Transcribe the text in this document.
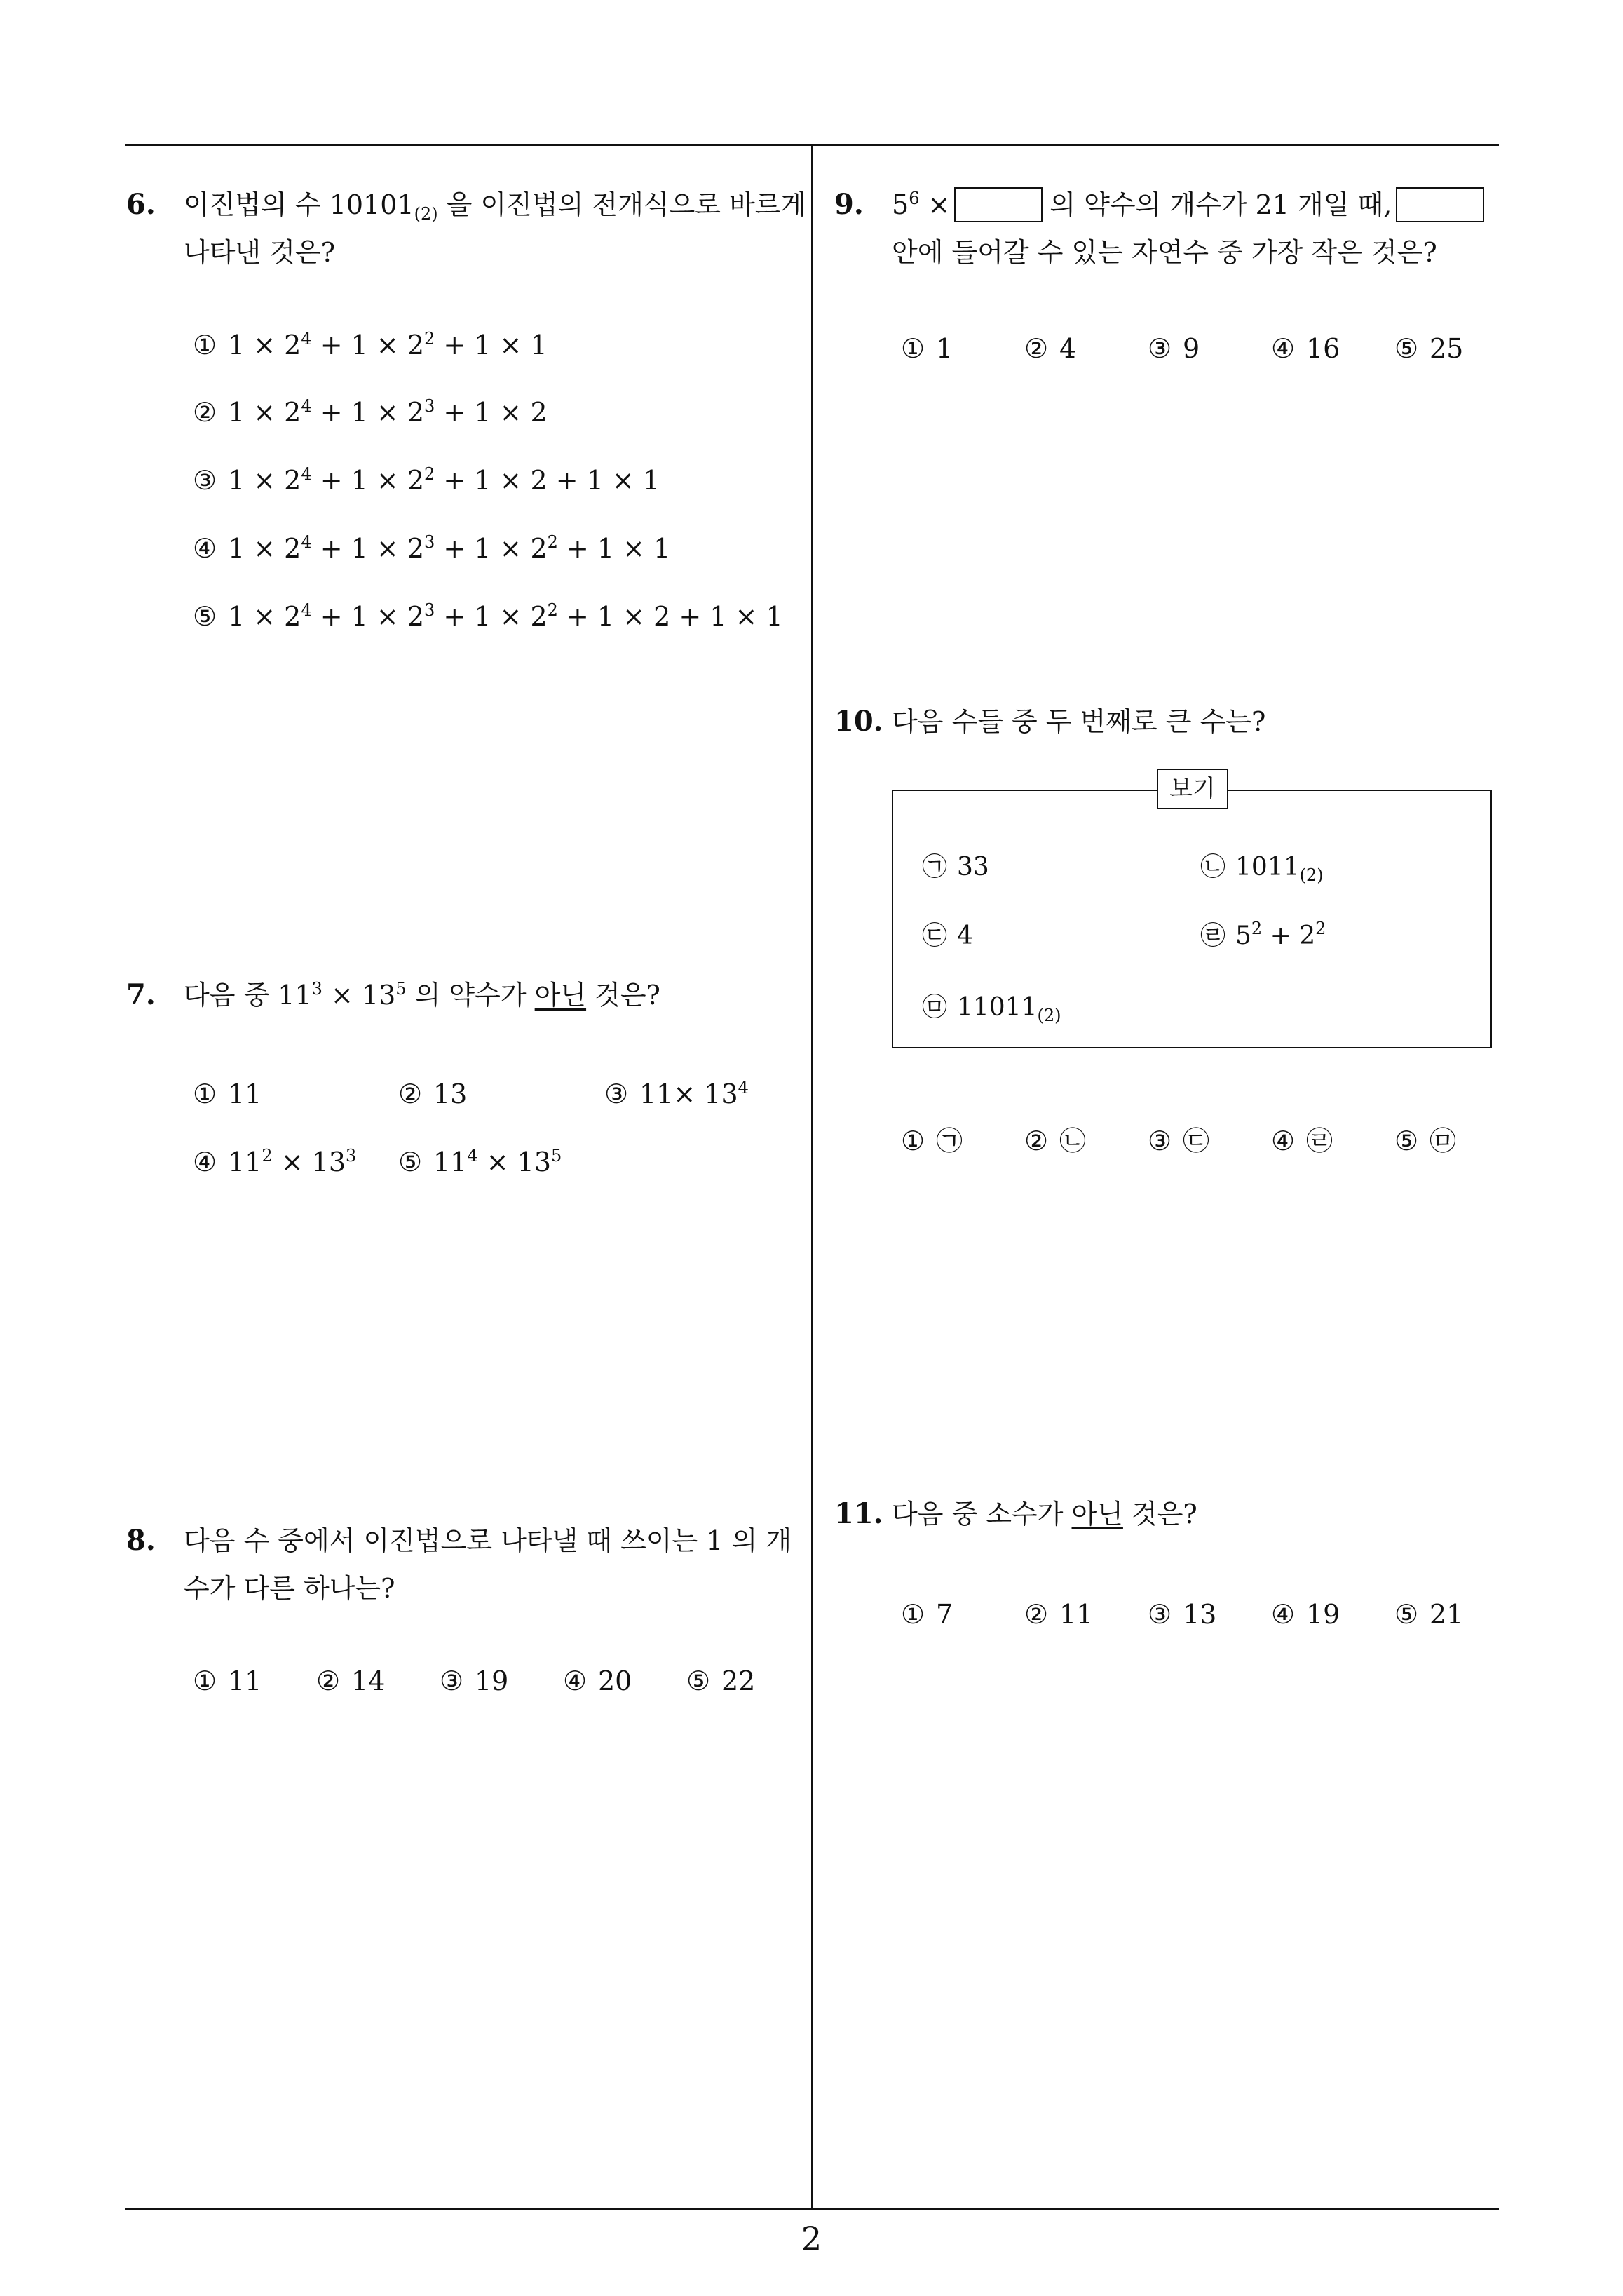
6. 이진법의 수 $10101_{(2)}$ 을 이진법의 전개식으로 바르게
나타낸 것은?
① $1 \times 2^4 + 1 \times 2^2 + 1 \times 1$
② $1 \times 2^4 + 1 \times 2^3 + 1 \times 2$
③ $1 \times 2^4 + 1 \times 2^2 + 1 \times 2 + 1 \times 1$
④ $1 \times 2^4 + 1 \times 2^3 + 1 \times 2^2 + 1 \times 1$
⑤ $1 \times 2^4 + 1 \times 2^3 + 1 \times 2^2 + 1 \times 2 + 1 \times 1$
7. 다음 중 $11^3 \times 13^5$ 의 약수가 아닌 것은?
① 11	② 13	③ $11\times 13^4$
④ $11^2 \times 13^3$ ⑤ $11^4 \times 13^5$
8. 다음 수 중에서 이진법으로 나타낼 때 쓰이는 1 의 개
수가 다른 하나는?
① 11 ② 14 ③ 19 ④ 20 ⑤ 22
9. $5^6$ ×	의 약수의 개수가 21 개일 때,
안에 들어갈 수 있는 자연수 중 가장 작은 것은?
① 1	② 4	③ 9	④ 16 ⑤ 25
10. 다음 수들 중 두 번째로 큰 수는?
보기
㉠ 33	㉡ $1011_{(2)}$
㉢ 4	㉣ $5^2 + 2^2$
㉤ $11011_{(2)}$
① ㉠ ② ㉡ ③ ㉢ ④ ㉣ ⑤ ㉤
11. 다음 중 소수가 아닌 것은?
① 7	② 11 ③ 13 ④ 19 ⑤ 21
2
